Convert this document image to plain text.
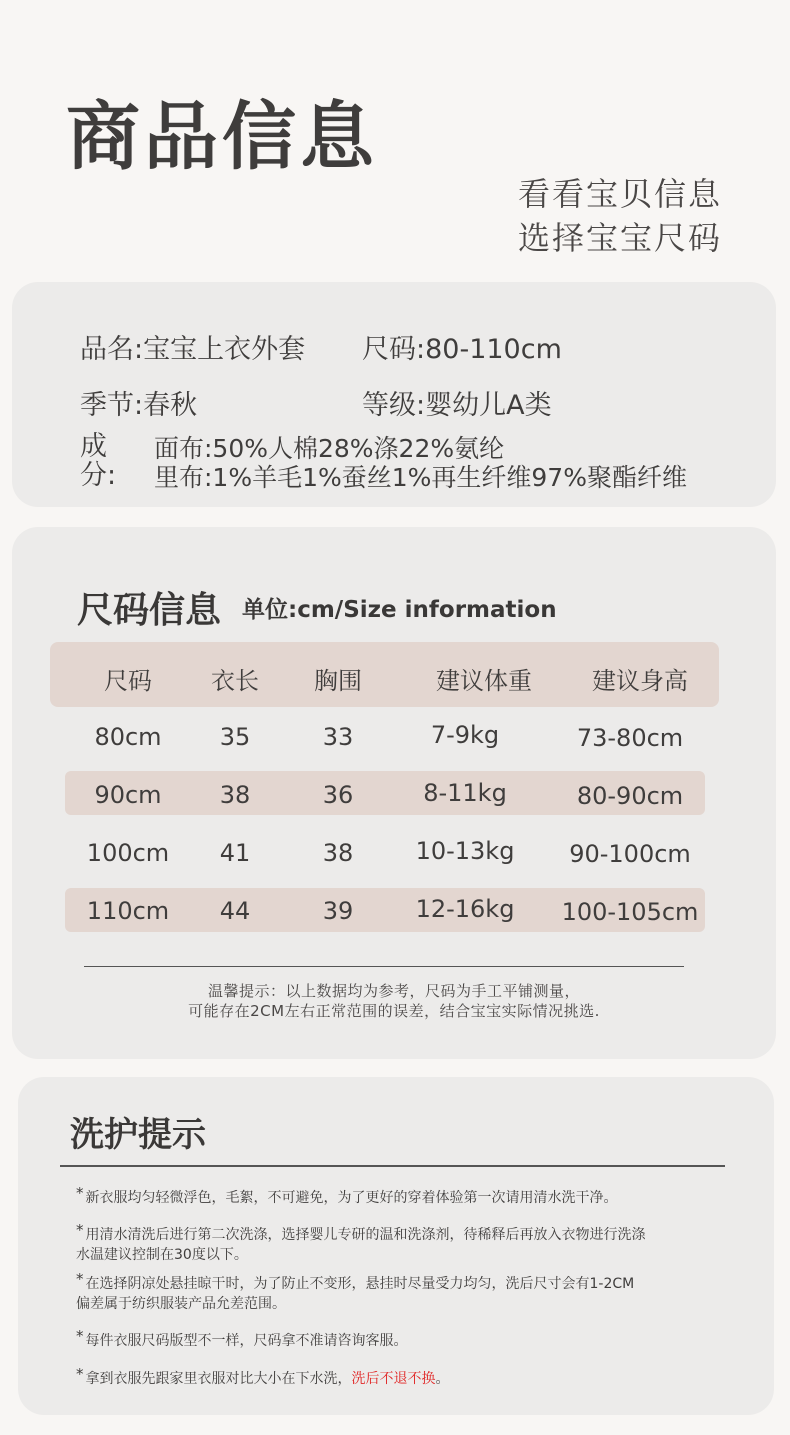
商品信息
看看宝贝信息
选择宝宝尺码
品名:宝宝上衣外套 尺码:80-110cm
季节:春秋	等级:婴幼儿A类
成分:
面布:50%人棉28%涤22%氨纶
里布:1%羊毛1%蚕丝1%再生纤维97%聚酯纤维
尺码信息 单位:cm/Size information
尺码 衣长 胸围	建议体重	建议身高
80cm 35	33	7-9kg	73-80cm
90cm 38	36	8-11kg	80-90cm
100cm 41	38	10-13kg 90-100cm
110cm 44	39	12-16kg 100-105cm
温馨提示：以上数据均为参考，尺码为手工平铺测量，
可能存在2CM左右正常范围的误差，结合宝宝实际情况挑选.
洗护提示
* 新衣服均匀轻微浮色，毛絮，不可避免，为了更好的穿着体验第一次请用清水洗干净。
* 用清水清洗后进行第二次洗涤，选择婴儿专研的温和洗涤剂，待稀释后再放入衣物进行洗涤
水温建议控制在30度以下。
* 在选择阴凉处悬挂晾干时，为了防止不变形，悬挂时尽量受力均匀，洗后尺寸会有1-2CM
偏差属于纺织服装产品允差范围。
* 每件衣服尺码版型不一样，尺码拿不准请咨询客服。
* 拿到衣服先跟家里衣服对比大小在下水洗，洗后不退不换。
